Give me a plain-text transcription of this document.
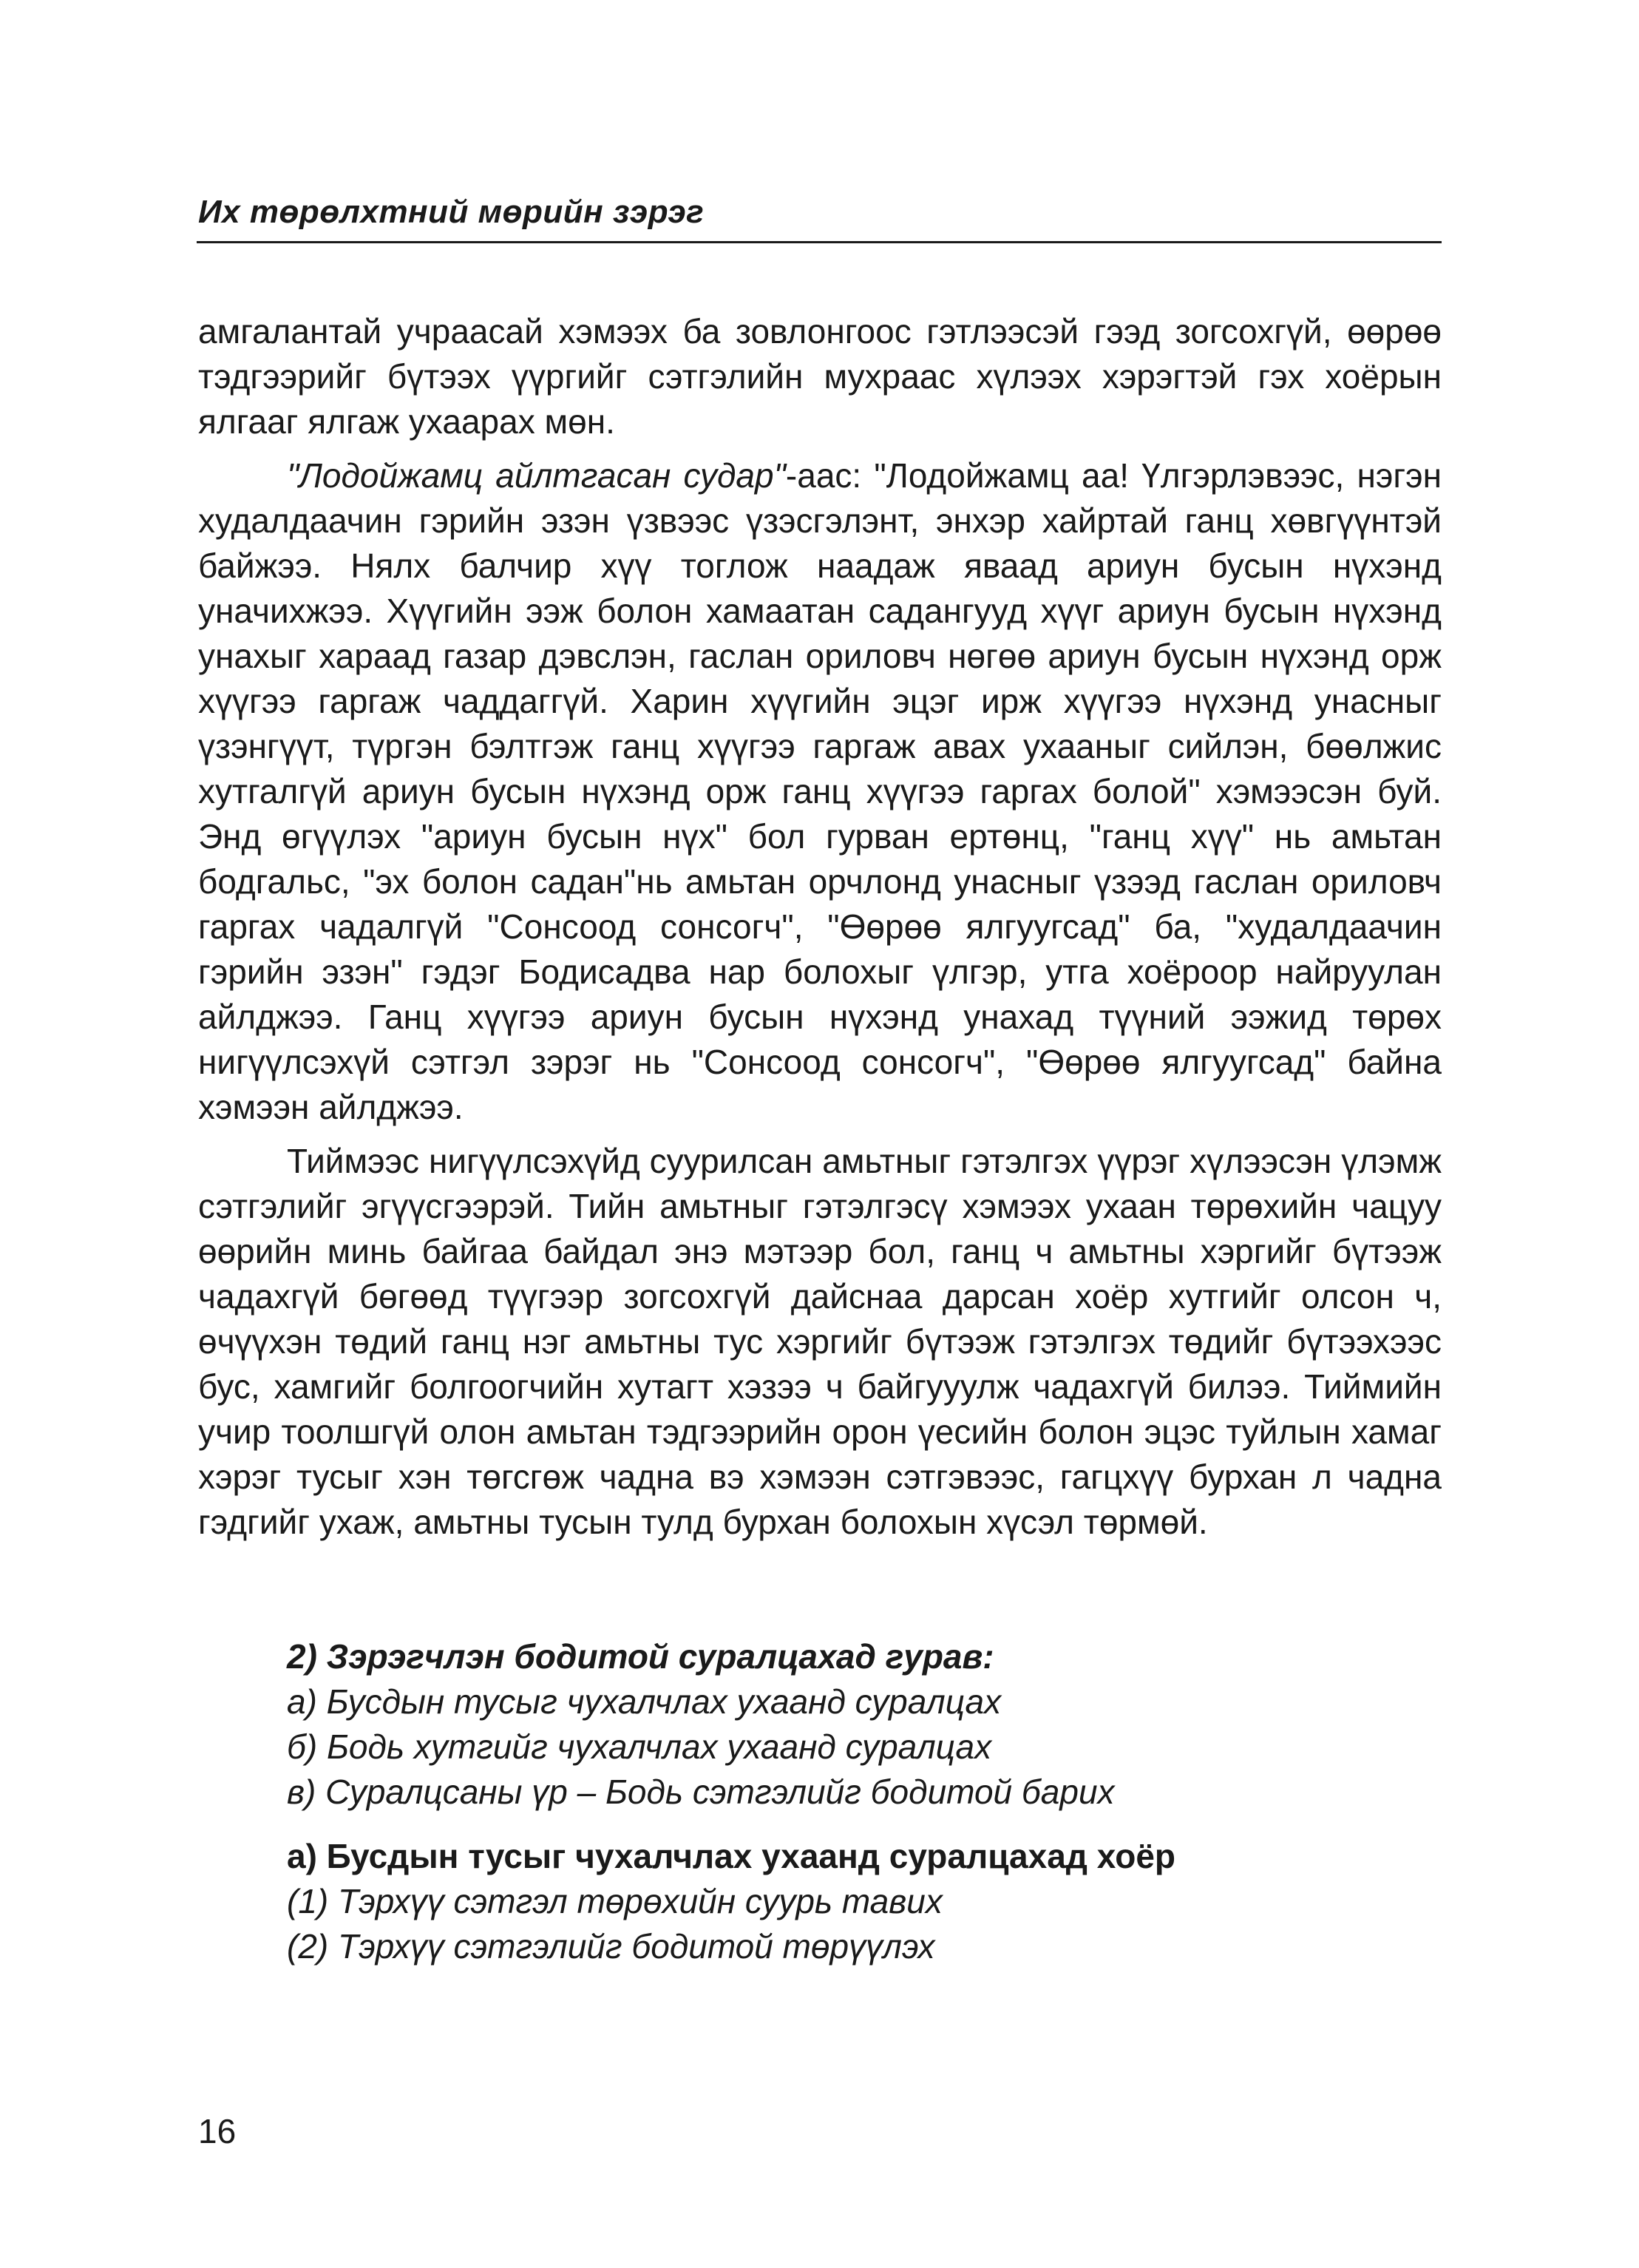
Их төрөлхтний мөрийн зэрэг

амгалантай учраасай хэмээх ба зовлонгоос гэтлээсэй гээд зогсохгүй, өөрөө тэдгээрийг бүтээх үүргийг сэтгэлийн мухраас хүлээх хэрэгтэй гэх хоёрын ялгааг ялгаж ухаарах мөн.

"Лодойжамц айлтгасан судар"-аас: "Лодойжамц аа! Үлгэрлэвээс, нэгэн худалдаачин гэрийн эзэн үзвээс үзэсгэлэнт, энхэр хайртай ганц хөвгүүнтэй байжээ. Нялх балчир хүү тоглож наадаж яваад ариун бусын нүхэнд уначихжээ. Хүүгийн ээж болон хамаатан садангууд хүүг ариун бусын нүхэнд унахыг хараад газар дэвслэн, гаслан ориловч нөгөө ариун бусын нүхэнд орж хүүгээ гаргаж чаддаггүй. Харин хүүгийн эцэг ирж хүүгээ нүхэнд унасныг үзэнгүүт, түргэн бэлтгэж ганц хүүгээ гаргаж авах ухааныг сийлэн, бөөлжис хутгалгүй ариун бусын нүхэнд орж ганц хүүгээ гаргах болой" хэмээсэн буй. Энд өгүүлэх "ариун бусын нүх" бол гурван ертөнц, "ганц хүү" нь амьтан бодгальс, "эх болон садан"нь амьтан орчлонд унасныг үзээд гаслан ориловч гаргах чадалгүй "Сонсоод сонсогч", "Өөрөө ялгуугсад" ба, "худалдаачин гэрийн эзэн" гэдэг Бодисадва нар болохыг үлгэр, утга хоёроор найруулан айлджээ. Ганц хүүгээ ариун бусын нүхэнд унахад түүний ээжид төрөх нигүүлсэхүй сэтгэл зэрэг нь "Сонсоод сонсогч", "Өөрөө ялгуугсад" байна хэмээн айлджээ.

Тиймээс нигүүлсэхүйд суурилсан амьтныг гэтэлгэх үүрэг хүлээсэн үлэмж сэтгэлийг эгүүсгээрэй. Тийн амьтныг гэтэлгэсү хэмээх ухаан төрөхийн чацуу өөрийн минь байгаа байдал энэ мэтээр бол, ганц ч амьтны хэргийг бүтээж чадахгүй бөгөөд түүгээр зогсохгүй дайснаа дарсан хоёр хутгийг олсон ч, өчүүхэн төдий ганц нэг амьтны тус хэргийг бүтээж гэтэлгэх төдийг бүтээхээс бус, хамгийг болгоогчийн хутагт хэзээ ч байгууулж чадахгүй билээ. Тиймийн учир тоолшгүй олон амьтан тэдгээрийн орон үесийн болон эцэс туйлын хамаг хэрэг тусыг хэн төгсгөж чадна вэ хэмээн сэтгэвээс, гагцхүү бурхан л чадна гэдгийг ухаж, амьтны тусын тулд бурхан болохын хүсэл төрмөй.

2) Зэрэгчлэн бодитой суралцахад гурав:
а) Бусдын тусыг чухалчлах ухаанд суралцах
б) Бодь хутгийг чухалчлах ухаанд суралцах
в) Суралцсаны үр – Бодь сэтгэлийг бодитой барих
а) Бусдын тусыг чухалчлах ухаанд суралцахад хоёр
(1) Тэрхүү сэтгэл төрөхийн суурь тавих
(2) Тэрхүү сэтгэлийг бодитой төрүүлэх
16
